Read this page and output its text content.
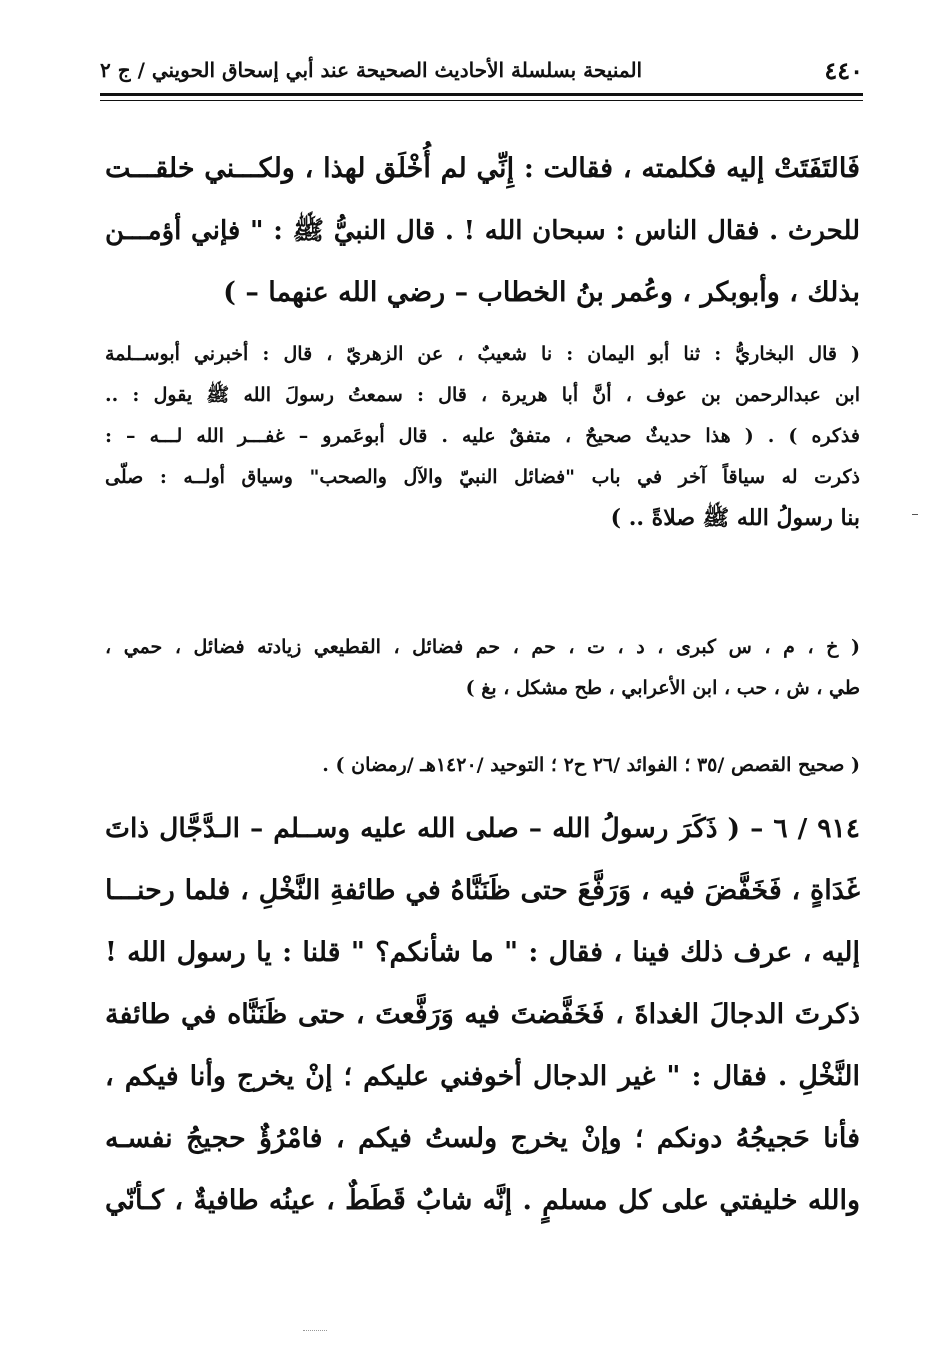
٤٤٠
المنيحة بسلسلة الأحاديث الصحيحة عند أبي إسحاق الحويني / ج ٢
فَالتَفَتَتْ إليه فكلمته ، فقالت : إِنِّي لم أُخْلَق لهذا ، ولكـــني خلقـــت
للحرث . فقال الناس : سبحان الله ! . قال النبيُّ ﷺ : " فإني أؤمـــن
بذلك ، وأبوبكر ، وعُمر بنُ الخطاب – رضي الله عنهما – )
( قال البخاريُّ : ثنا أبو اليمان : نا شعيبٌ ، عن الزهريّ ، قال : أخبرني أبوســلمة
ابن عبدالرحمن بن عوف ، أنَّ أبا هريرة ، قال : سمعتُ رسولَ الله ﷺ يقول : ..
فذكره ) . ( هذا حديثٌ صحيحٌ ، متفقٌ عليه . قال أبوعَمرو – غفـــر الله لـــه – :
ذكرت له سياقاً آخر في باب "فضائل النبيّ والآل والصحب" وسياق أولــه : صلّى
بنا رسولُ الله ﷺ صلاةً .. )
( خ ، م ، س كبرى ، د ، ت ، حم ، حم فضائل ، القطيعي زيادته فضائل ، حمي ،
طي ، ش ، حب ، ابن الأعرابي ، طح مشكل ، بغ )
( صحيح القصص /٣٥ ؛ الفوائد /٢٦ ح٢ ؛ التوحيد /١٤٢٠هـ /رمضان ) .
٩١٤ / ٦ – ( ذَكَرَ رسولُ الله – صلى الله عليه وســلم – الـدَّجَّال ذاتَ
غَدَاةٍ ، فَخَفَّضَ فيه ، وَرَفَّعَ حتى ظَنَنَّاهُ في طائفةِ النَّخْلِ ، فلما رحنـــا
إليه ، عرف ذلك فينا ، فقال : " ما شأنكم؟ " قلنا : يا رسول الله !
ذكرتَ الدجالَ الغداةَ ، فَخَفَّضتَ فيه وَرَفَّعتَ ، حتى ظَنَنَّاه في طائفة
النَّخْلِ . فقال : " غير الدجال أخوفني عليكم ؛ إنْ يخرج وأنا فيكم ،
فأنا حَجيجُهُ دونكم ؛ وإنْ يخرج ولستُ فيكم ، فامْرُؤٌ حجيجُ نفسـه
والله خليفتي على كل مسلمٍ . إنَّه شابٌ قَطَطٌ ، عينُه طافيةٌ ، كـأنّي
